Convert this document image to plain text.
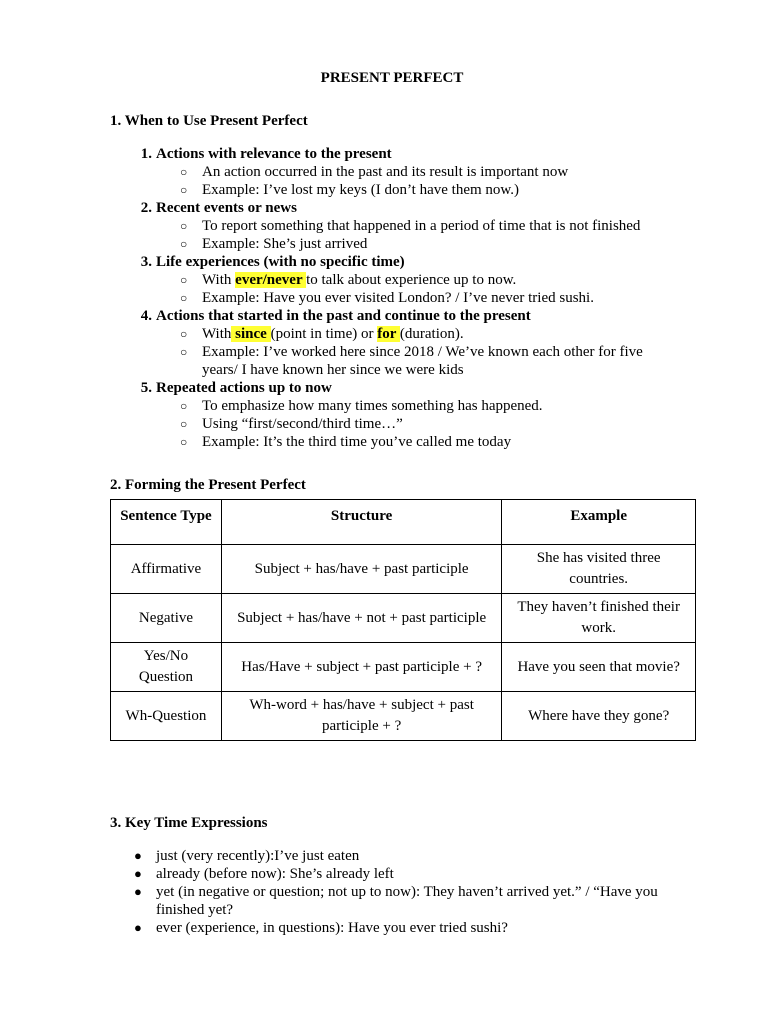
PRESENT PERFECT
1. When to Use Present Perfect
1. Actions with relevance to the present
○ An action occurred in the past and its result is important now
○ Example: I’ve lost my keys (I don’t have them now.)
2. Recent events or news
○ To report something that happened in a period of time that is not finished
○ Example: She’s just arrived
3. Life experiences (with no specific time)
○ With ever/never to talk about experience up to now.
○ Example: Have you ever visited London? / I’ve never tried sushi.
4. Actions that started in the past and continue to the present
○ With since (point in time) or for (duration).
○ Example: I’ve worked here since 2018 / We’ve known each other for five years/ I have known her since we were kids
5. Repeated actions up to now
○ To emphasize how many times something has happened.
○ Using “first/second/third time…”
○ Example: It’s the third time you’ve called me today
2. Forming the Present Perfect
Sentence Type	Structure	Example
Affirmative	Subject + has/have + past participle	She has visited three countries.
Negative	Subject + has/have + not + past participle	They haven’t finished their work.
Yes/No Question	Has/Have + subject + past participle + ?	Have you seen that movie?
Wh-Question	Wh-word + has/have + subject + past participle + ?	Where have they gone?
3. Key Time Expressions
● just (very recently):I’ve just eaten
● already (before now): She’s already left
● yet (in negative or question; not up to now): They haven’t arrived yet.” / “Have you finished yet?
● ever (experience, in questions): Have you ever tried sushi?
